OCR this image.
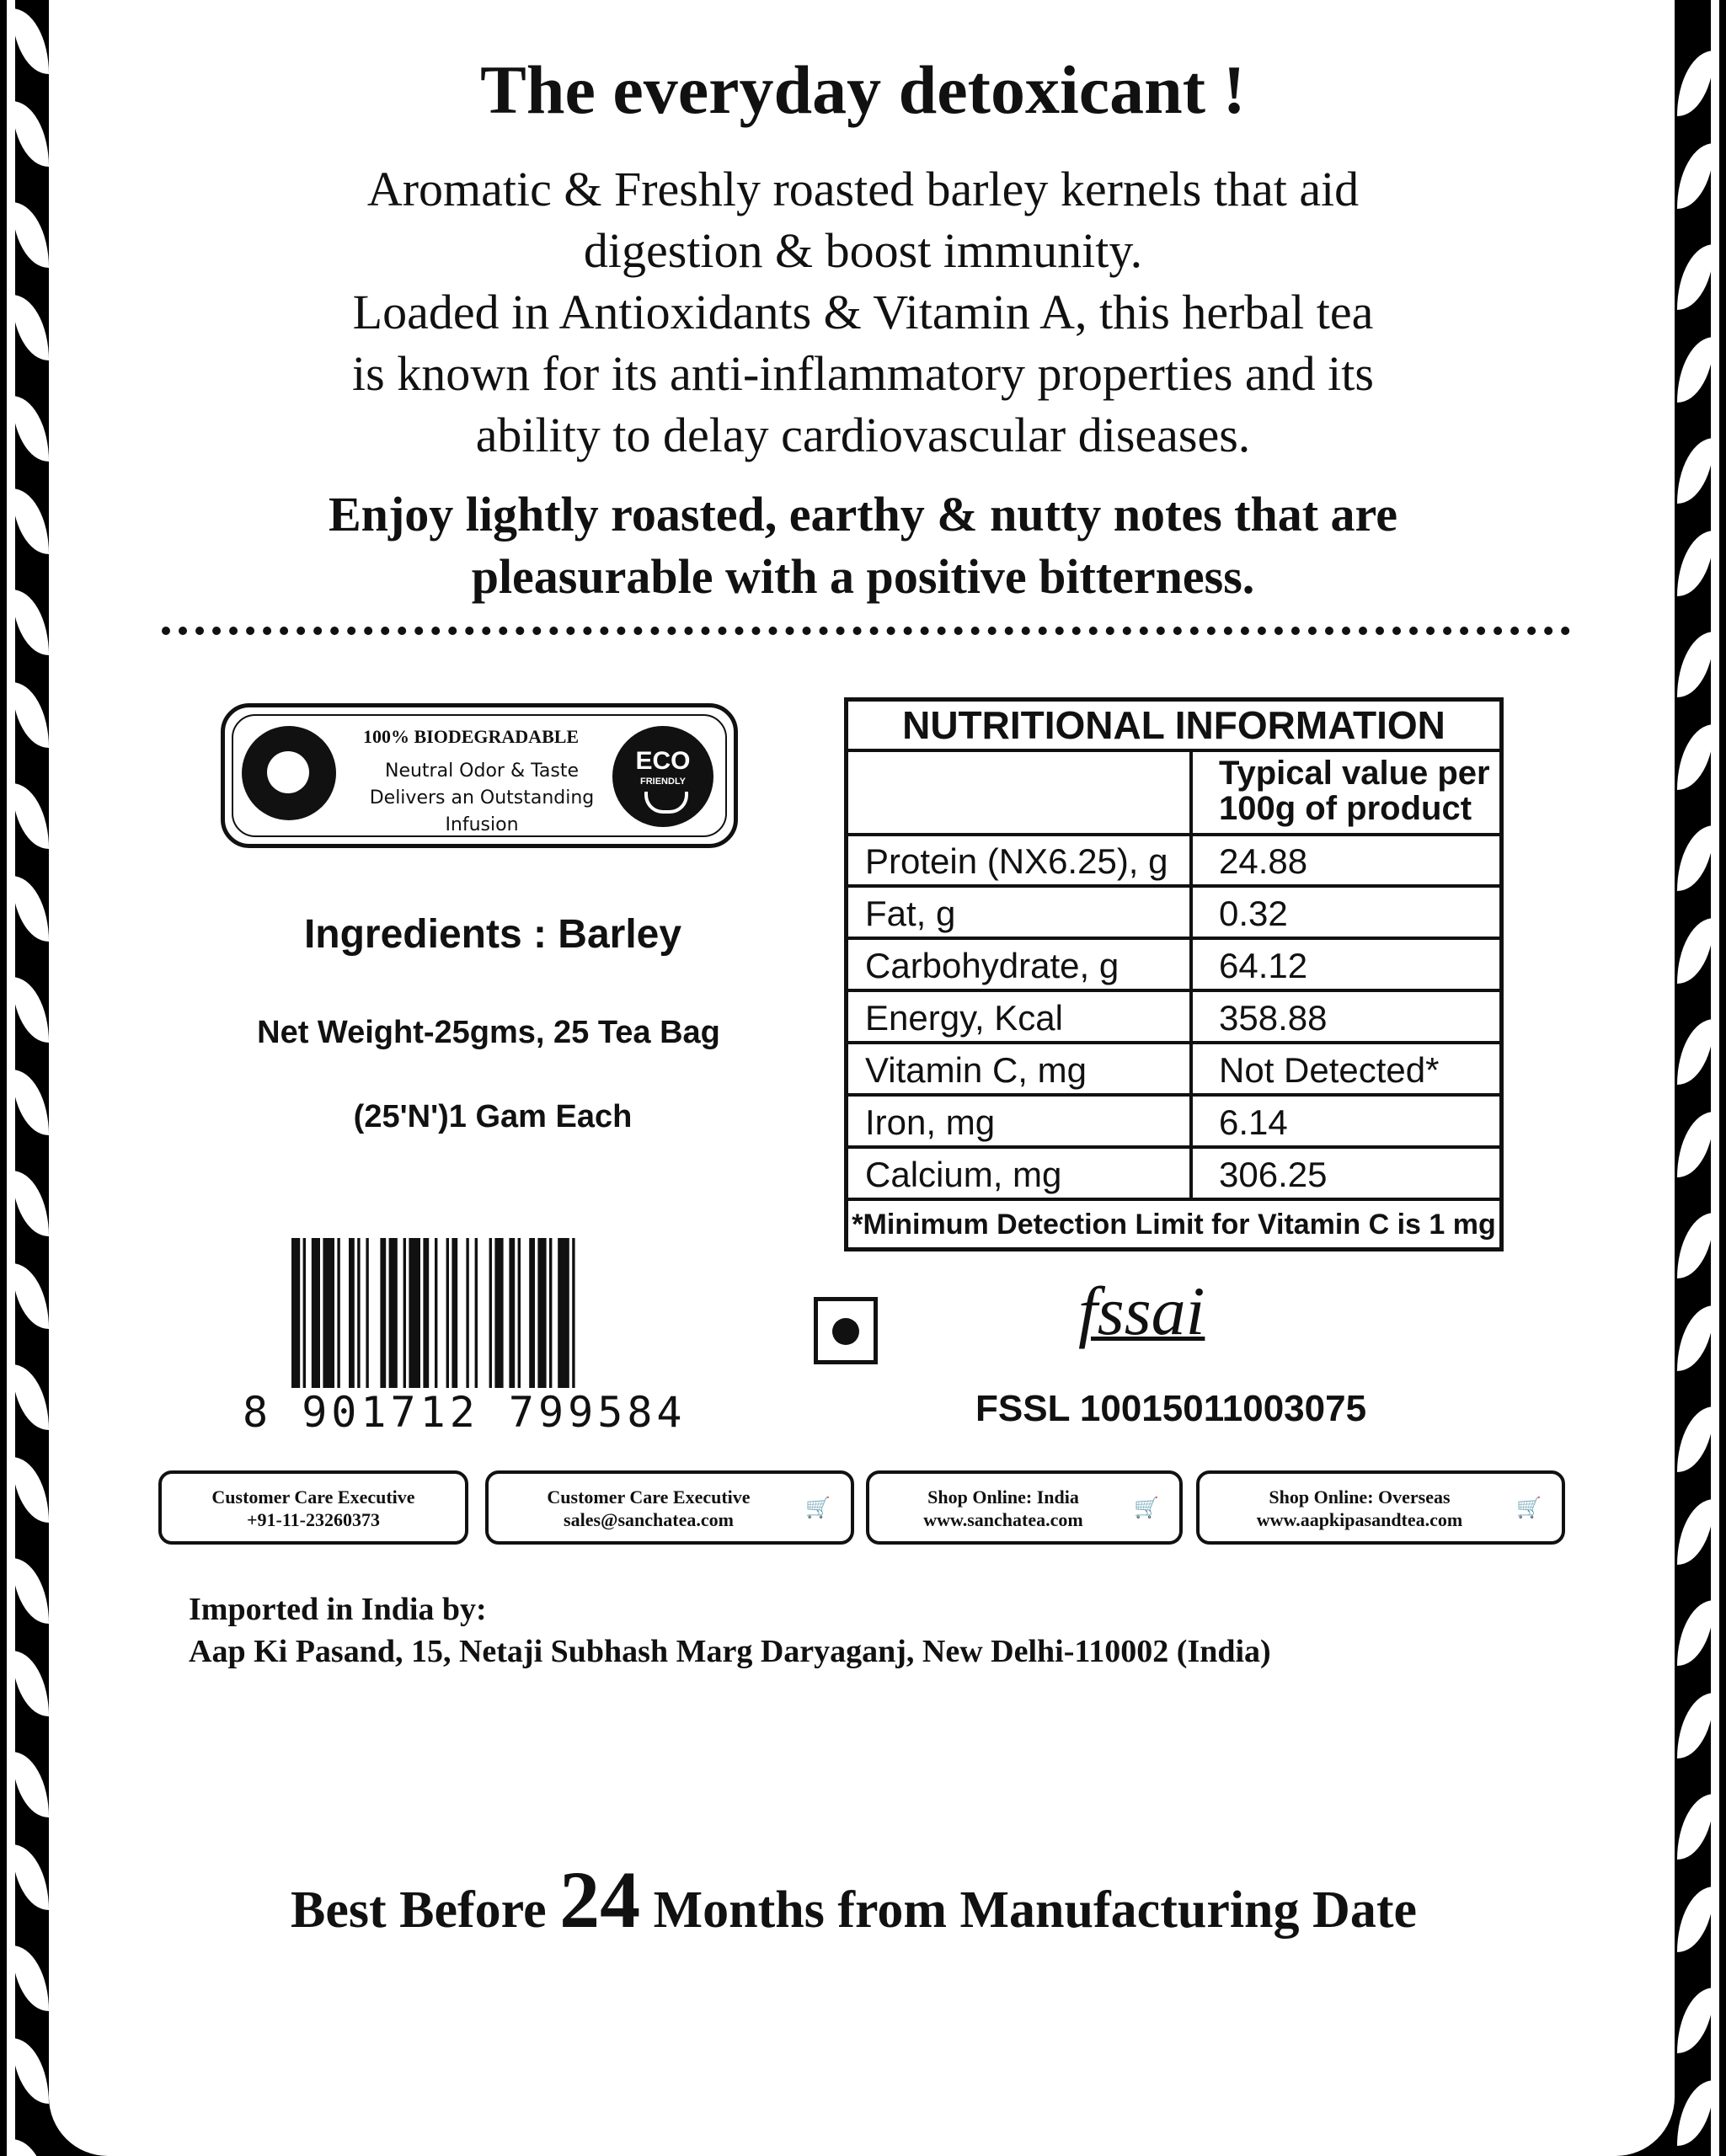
The everyday detoxicant !
Aromatic & Freshly roasted barley kernels that aid
digestion & boost immunity.
Loaded in Antioxidants & Vitamin A, this herbal tea
is known for its anti-inflammatory properties and its
ability to delay cardiovascular diseases.
Enjoy lightly roasted, earthy & nutty notes that are
pleasurable with a positive bitterness.
100% BIODEGRADABLE
Neutral Odor & Taste
Delivers an Outstanding
Infusion
ECO
FRIENDLY
Ingredients : Barley
Net Weight-25gms, 25 Tea Bag
(25'N')1 Gam Each
NUTRITIONAL INFORMATION
Typical value per 100g of product
Protein (NX6.25), g 24.88
Fat, g	0.32
Carbohydrate, g	64.12
Energy, Kcal	358.88
Vitamin C, mg	Not Detected*
Iron, mg	6.14
Calcium, mg	306.25
*Minimum Detection Limit for Vitamin C is 1 mg
8 901712 799584
fssai
FSSL 10015011003075
Customer Care Executive
+91-11-23260373
Customer Care Executive
sales@sanchatea.com
🛒
Shop Online: India
www.sanchatea.com
🛒
Shop Online: Overseas
www.aapkipasandtea.com
🛒
Imported in India by:
Aap Ki Pasand, 15, Netaji Subhash Marg Daryaganj, New Delhi-110002 (India)
Best Before 24 Months from Manufacturing Date
